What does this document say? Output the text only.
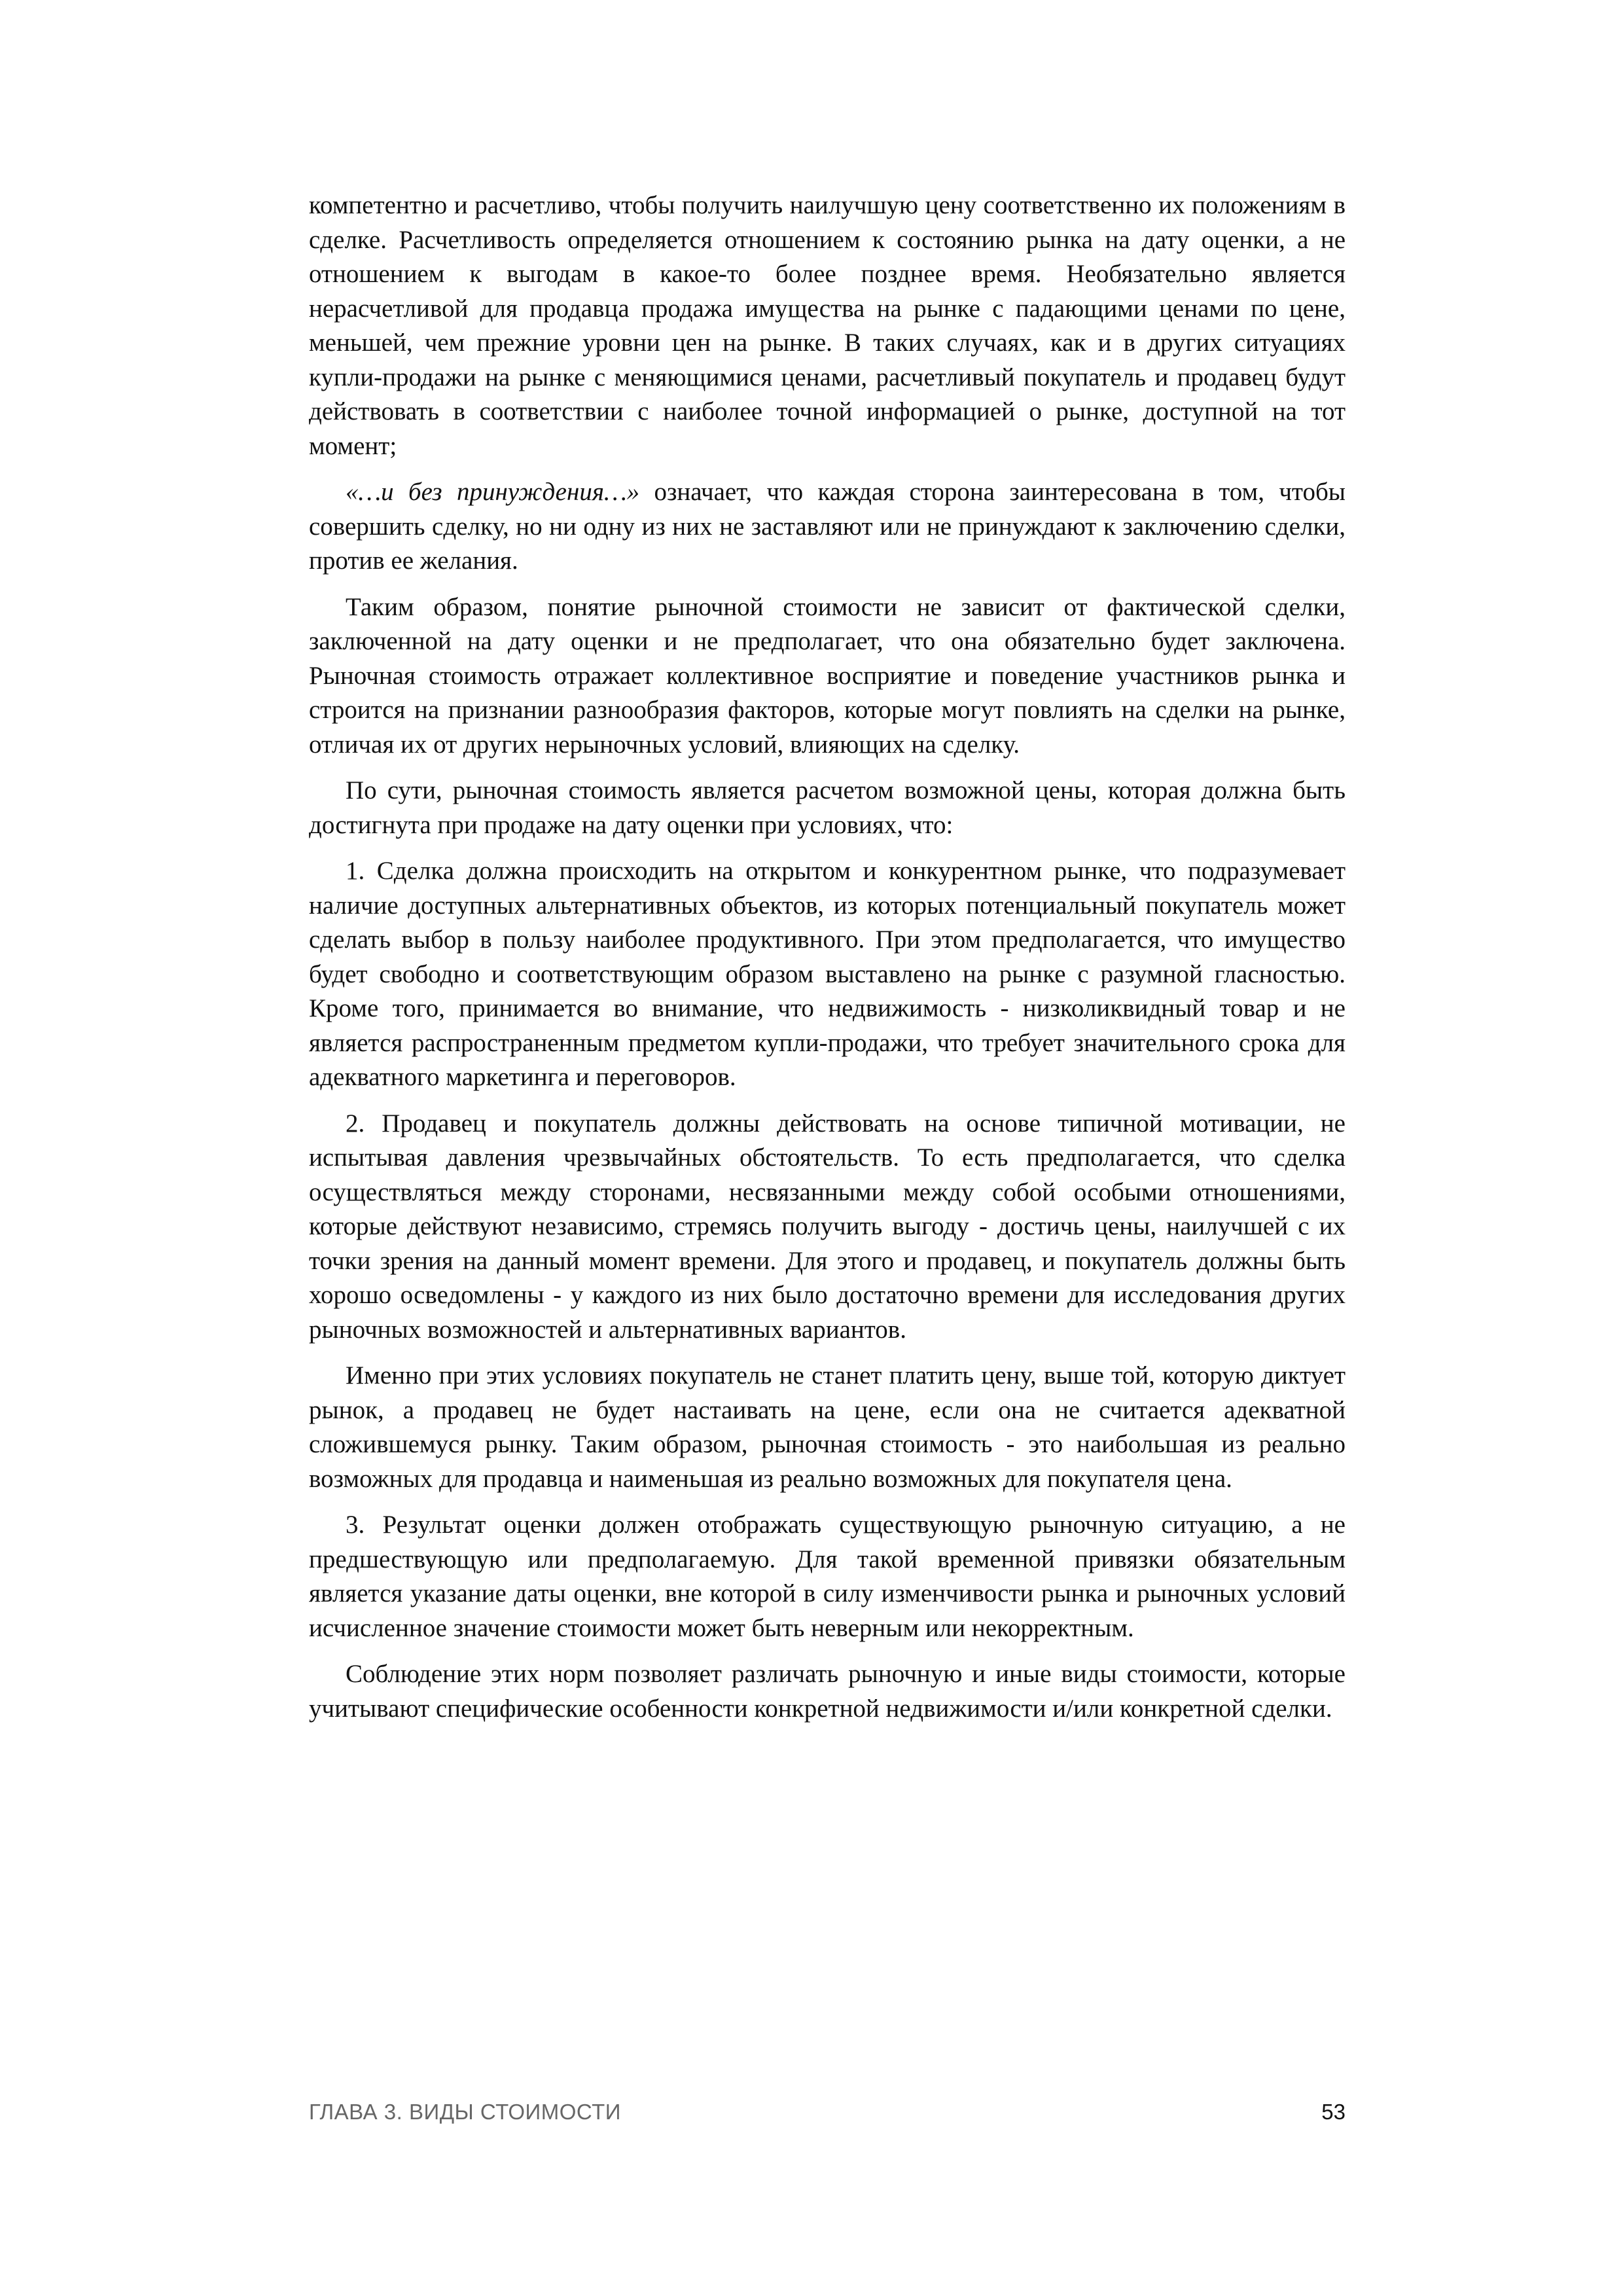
компетентно и расчетливо, чтобы получить наилучшую цену соответственно их положениям в сделке. Расчетливость определяется отношением к состоянию рынка на дату оценки, а не отношением к выгодам в какое-то более позднее время. Необязательно является нерасчетливой для продавца продажа имущества на рынке с падающими ценами по цене, меньшей, чем прежние уровни цен на рынке. В таких случаях, как и в других ситуациях купли-продажи на рынке с меняющимися ценами, расчетливый покупатель и продавец будут действовать в соответствии с наиболее точной информацией о рынке, доступной на тот момент;

«…и без принуждения…» означает, что каждая сторона заинтересована в том, чтобы совершить сделку, но ни одну из них не заставляют или не принуждают к заключению сделки, против ее желания.

Таким образом, понятие рыночной стоимости не зависит от фактической сделки, заключенной на дату оценки и не предполагает, что она обязательно будет заключена. Рыночная стоимость отражает коллективное восприятие и поведение участников рынка и строится на признании разнообразия факторов, которые могут повлиять на сделки на рынке, отличая их от других нерыночных условий, влияющих на сделку.

По сути, рыночная стоимость является расчетом возможной цены, которая должна быть достигнута при продаже на дату оценки при условиях, что:

1. Сделка должна происходить на открытом и конкурентном рынке, что подразумевает наличие доступных альтернативных объектов, из которых потенциальный покупатель может сделать выбор в пользу наиболее продуктивного. При этом предполагается, что имущество будет свободно и соответствующим образом выставлено на рынке с разумной гласностью. Кроме того, принимается во внимание, что недвижимость - низколиквидный товар и не является распространенным предметом купли-продажи, что требует значительного срока для адекватного маркетинга и переговоров.

2. Продавец и покупатель должны действовать на основе типичной мотивации, не испытывая давления чрезвычайных обстоятельств. То есть предполагается, что сделка осуществляться между сторонами, несвязанными между собой особыми отношениями, которые действуют независимо, стремясь получить выгоду - достичь цены, наилучшей с их точки зрения на данный момент времени. Для этого и продавец, и покупатель должны быть хорошо осведомлены - у каждого из них было достаточно времени для исследования других рыночных возможностей и альтернативных вариантов.

Именно при этих условиях покупатель не станет платить цену, выше той, которую диктует рынок, а продавец не будет настаивать на цене, если она не считается адекватной сложившемуся рынку. Таким образом, рыночная стоимость - это наибольшая из реально возможных для продавца и наименьшая из реально возможных для покупателя цена.

3. Результат оценки должен отображать существующую рыночную ситуацию, а не предшествующую или предполагаемую. Для такой временной привязки обязательным является указание даты оценки, вне которой в силу изменчивости рынка и рыночных условий исчисленное значение стоимости может быть неверным или некорректным.

Соблюдение этих норм позволяет различать рыночную и иные виды стоимости, которые учитывают специфические особенности конкретной недвижимости и/или конкретной сделки.

ГЛАВА 3. ВИДЫ СТОИМОСТИ	53
